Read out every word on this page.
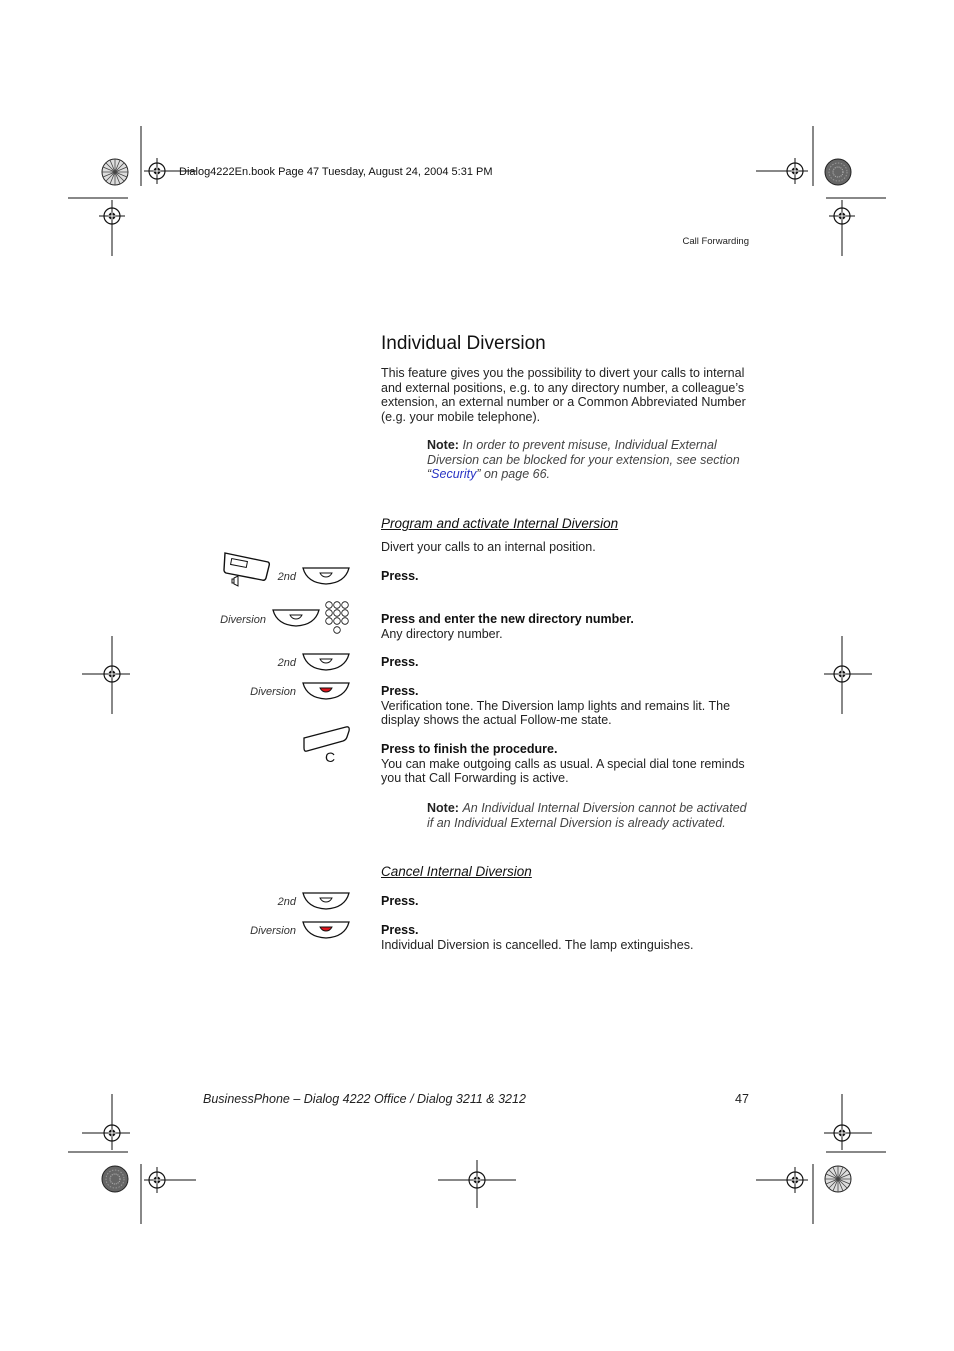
Dialog4222En.book Page 47 Tuesday, August 24, 2004 5:31 PM
Call Forwarding
Individual Diversion
This feature gives you the possibility to divert your calls to internal and external positions, e.g. to any directory number, a colleague’s extension, an external number or a Common Abbreviated Number (e.g. your mobile telephone).
Note: In order to prevent misuse, Individual External Diversion can be blocked for your extension, see section “Security” on page 66.
Program and activate Internal Diversion
Divert your calls to an internal position.
2nd	Press.
Diversion	Press and enter the new directory number.
Any directory number.
2nd	Press.
Diversion	Press.
Verification tone. The Diversion lamp lights and remains lit. The display shows the actual Follow-me state.
C	Press to finish the procedure.
You can make outgoing calls as usual. A special dial tone reminds you that Call Forwarding is active.
Note: An Individual Internal Diversion cannot be activated if an Individual External Diversion is already activated.
Cancel Internal Diversion
2nd	Press.
Diversion	Press.
Individual Diversion is cancelled. The lamp extinguishes.
BusinessPhone – Dialog 4222 Office / Dialog 3211 & 3212	47
